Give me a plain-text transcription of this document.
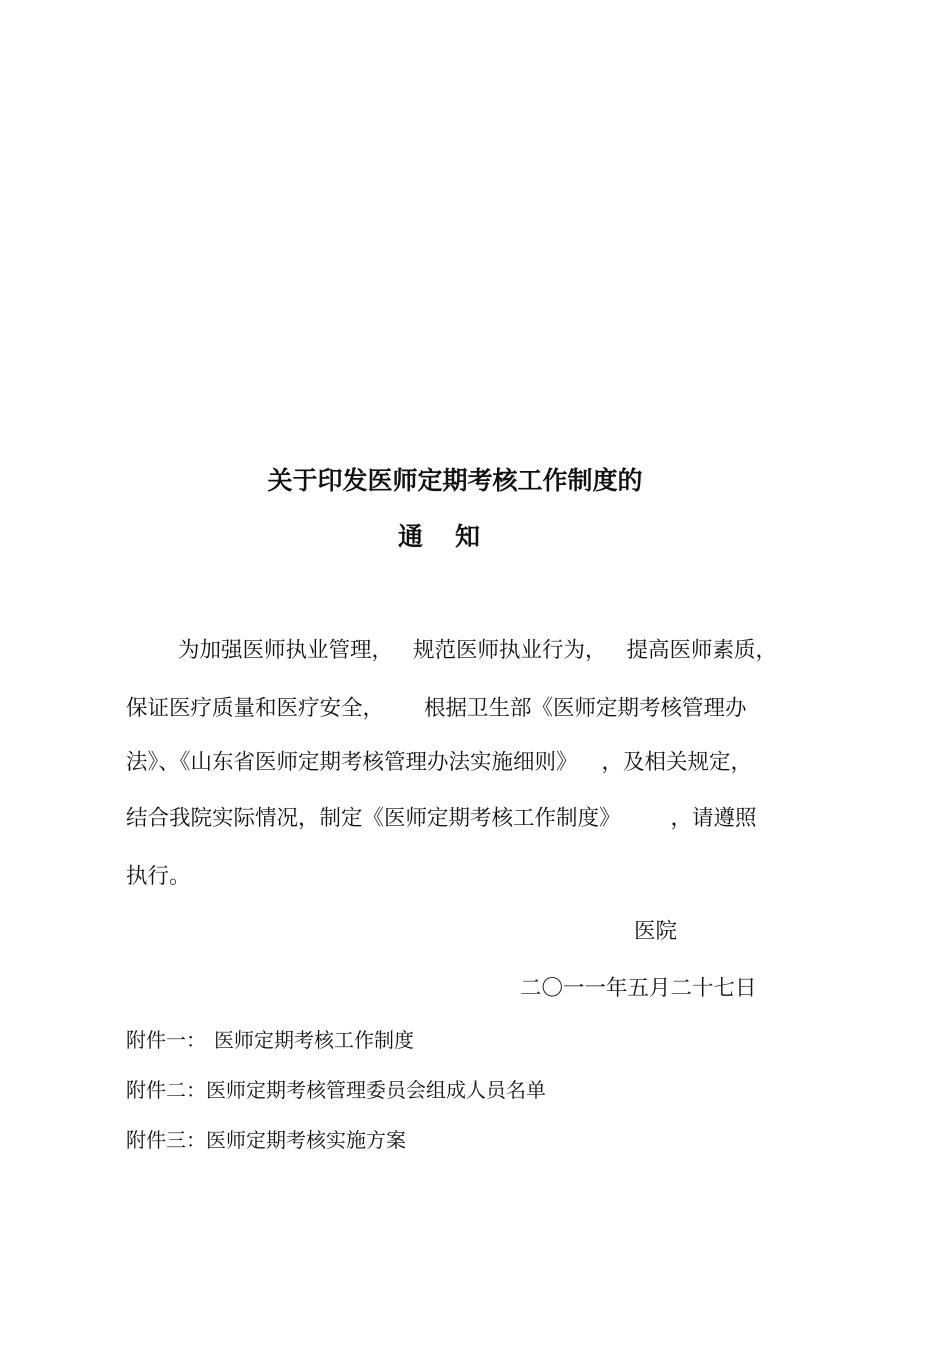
关于印发医师定期考核工作制度的
通知

为加强医师执业管理， 规范医师执业行为， 提高医师素质，

保证医疗质量和医疗安全， 根据卫生部《医师定期考核管理办

法》、《山东省医师定期考核管理办法实施细则》 ，及相关规定，

结合我院实际情况，制定《医师定期考核工作制度》 ，请遵照

执行。

医院

二〇一一年五月二十七日

附件一： 医师定期考核工作制度

附件二：医师定期考核管理委员会组成人员名单

附件三：医师定期考核实施方案
